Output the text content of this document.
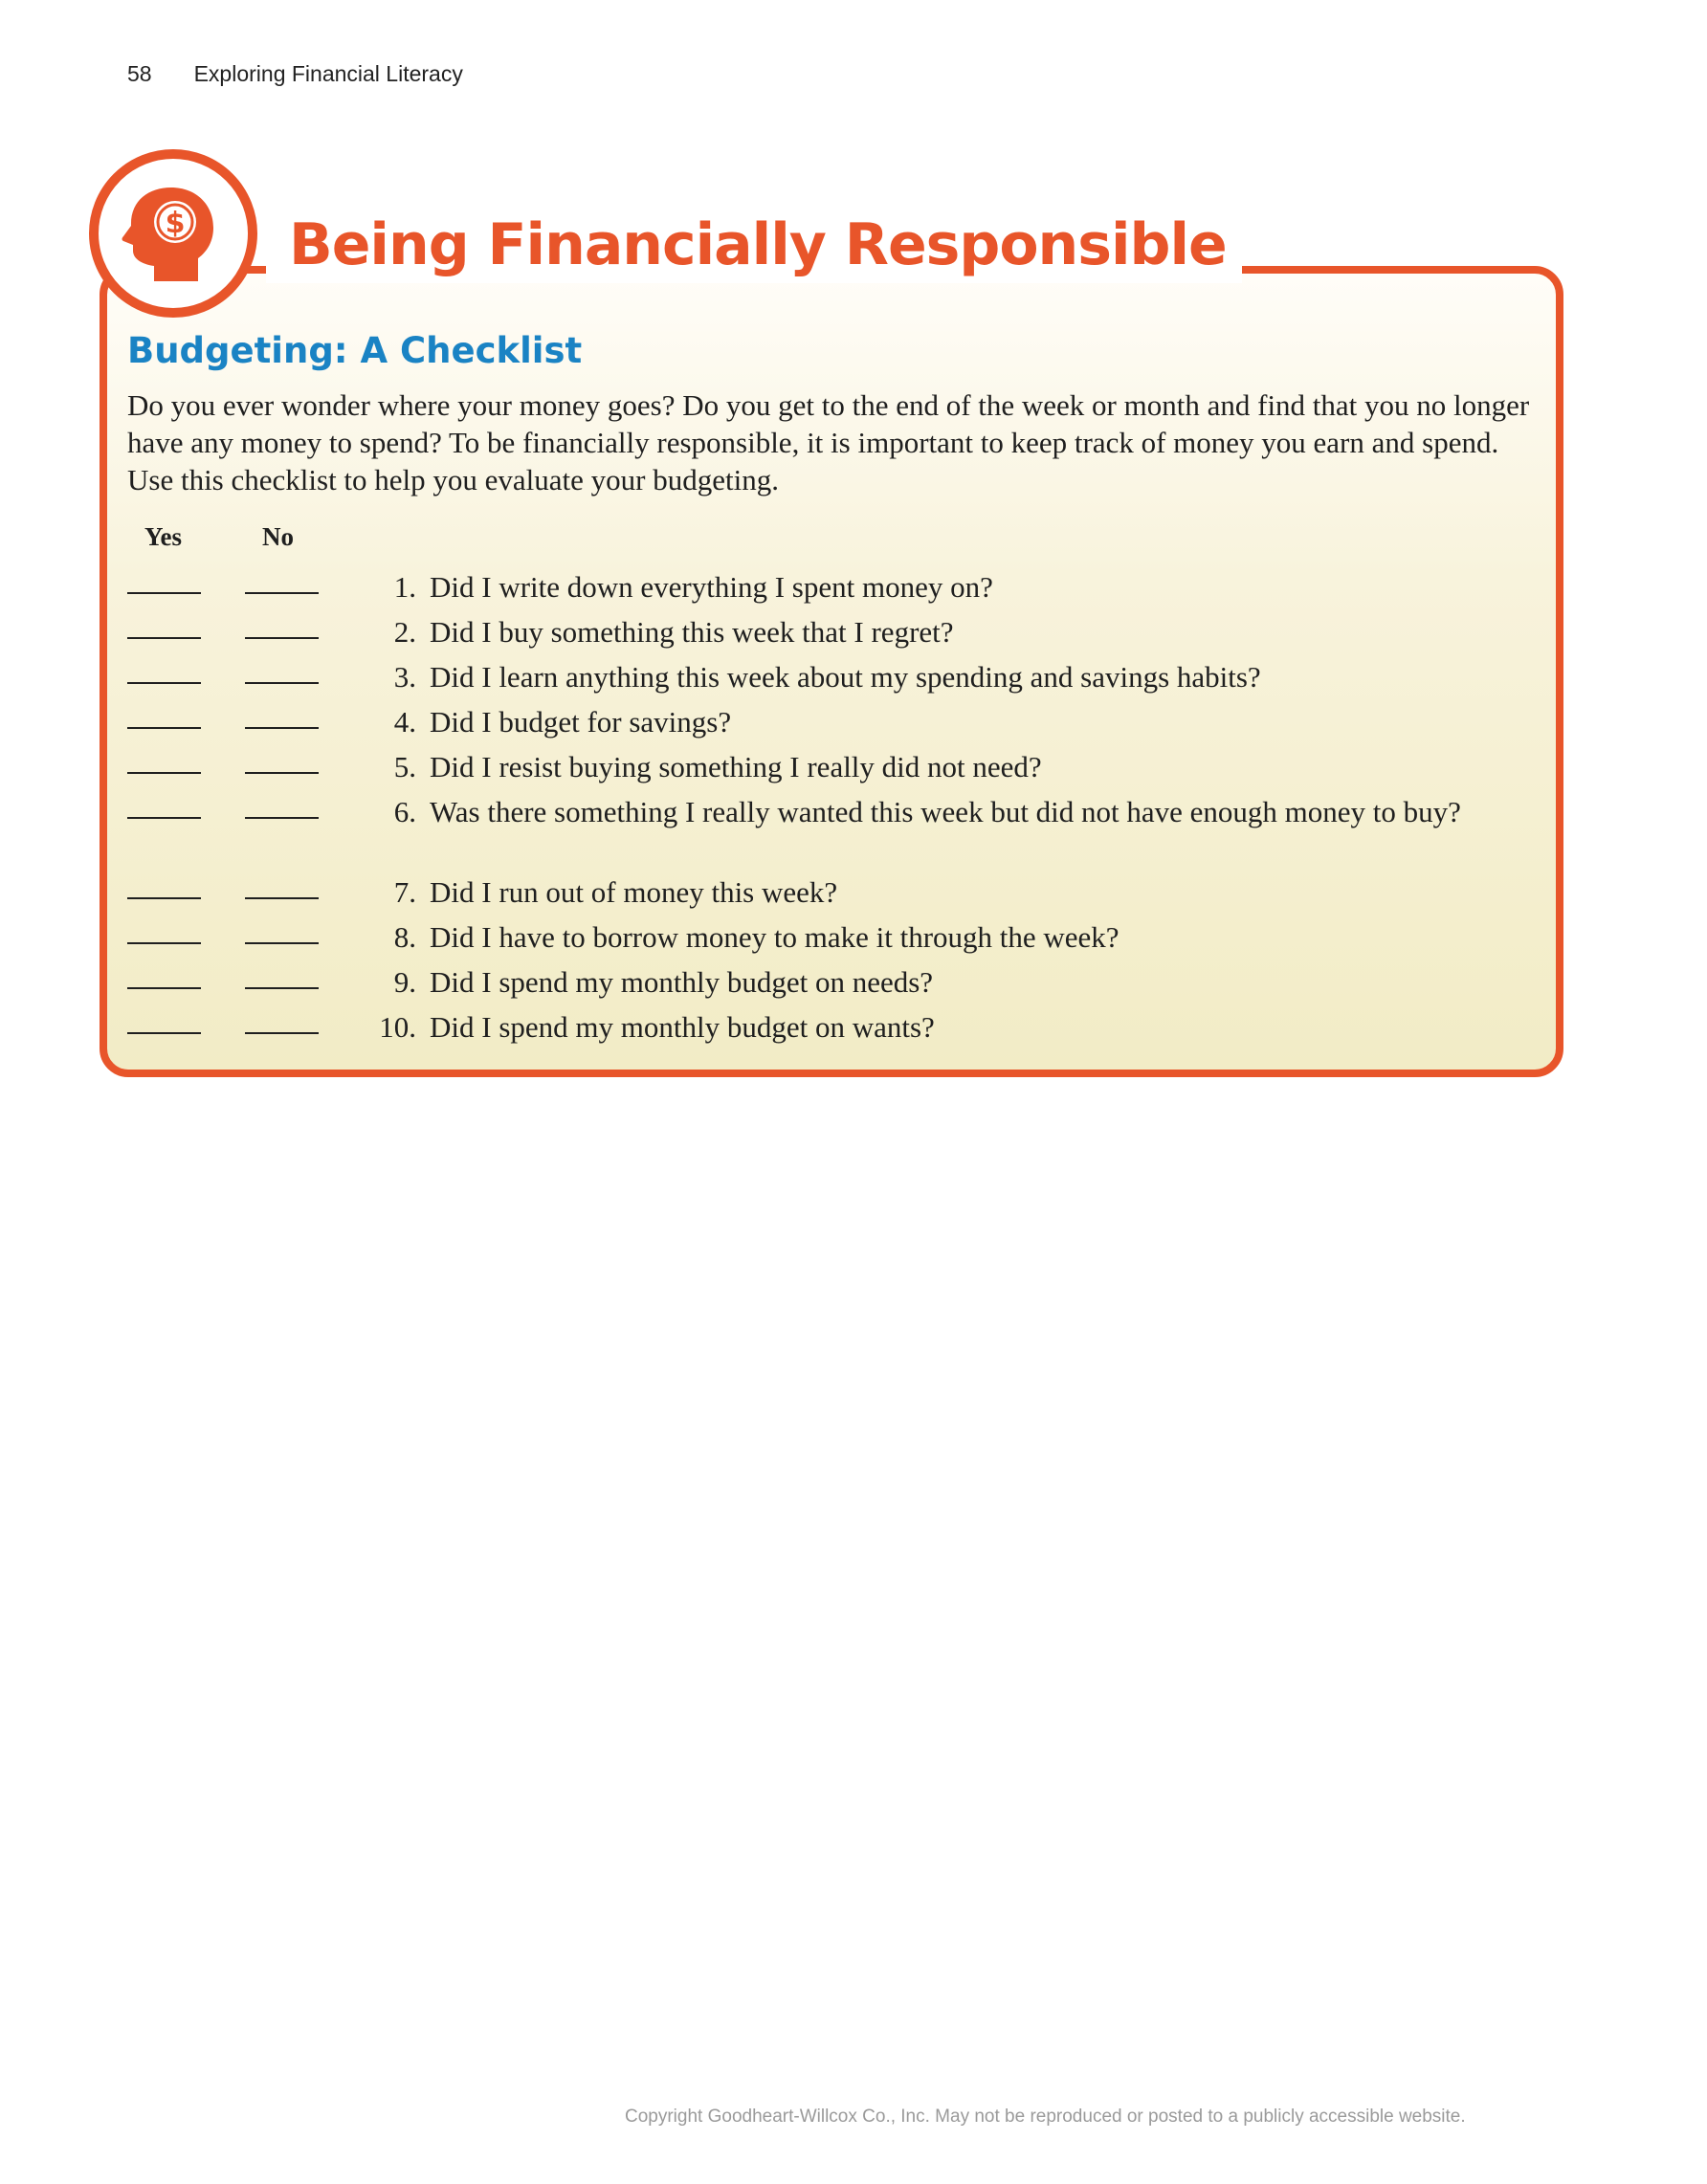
58 Exploring Financial Literacy
$ Being Financially Responsible
Budgeting: A Checklist
Do you ever wonder where your money goes? Do you get to the end of the week or month and find that you no longer have any money to spend? To be financially responsible, it is important to keep track of money you earn and spend. Use this checklist to help you evaluate your budgeting.
Yes	No
1. Did I write down everything I spent money on?
2. Did I buy something this week that I regret?
3. Did I learn anything this week about my spending and savings habits?
4. Did I budget for savings?
5. Did I resist buying something I really did not need?
6. Was there something I really wanted this week but did not have enough money to buy?
7. Did I run out of money this week?
8. Did I have to borrow money to make it through the week?
9. Did I spend my monthly budget on needs?
10. Did I spend my monthly budget on wants?
Copyright Goodheart-Willcox Co., Inc. May not be reproduced or posted to a publicly accessible website.
